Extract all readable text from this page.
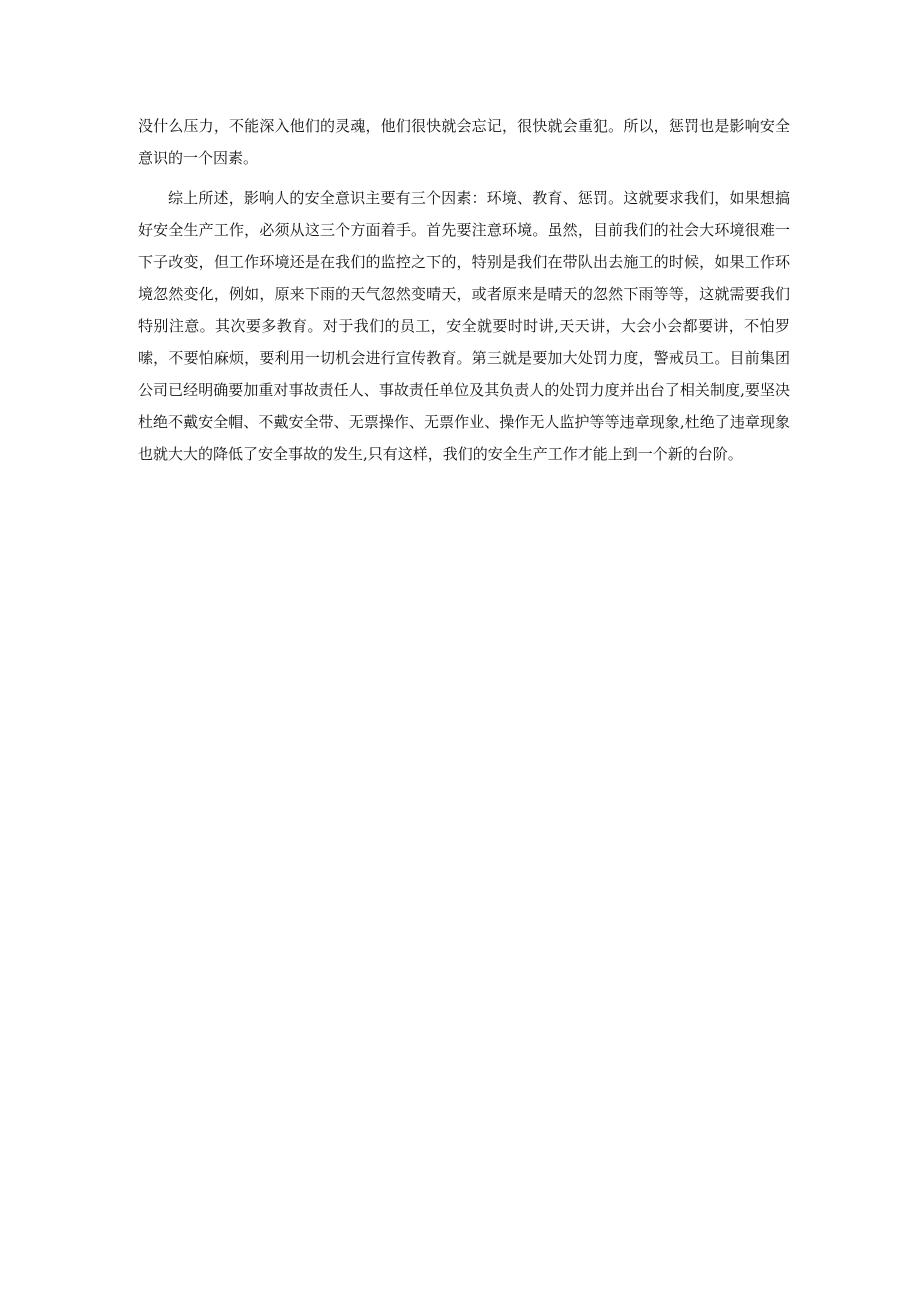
没什么压力，不能深入他们的灵魂，他们很快就会忘记，很快就会重犯。所以，惩罚也是影响安全意识的一个因素。

综上所述，影响人的安全意识主要有三个因素：环境、教育、惩罚。这就要求我们，如果想搞好安全生产工作，必须从这三个方面着手。首先要注意环境。虽然，目前我们的社会大环境很难一下子改变，但工作环境还是在我们的监控之下的，特别是我们在带队出去施工的时候，如果工作环境忽然变化，例如，原来下雨的天气忽然变晴天，或者原来是晴天的忽然下雨等等，这就需要我们特别注意。其次要多教育。对于我们的员工，安全就要时时讲,天天讲，大会小会都要讲，不怕罗嗦，不要怕麻烦，要利用一切机会进行宣传教育。第三就是要加大处罚力度，警戒员工。目前集团公司已经明确要加重对事故责任人、事故责任单位及其负责人的处罚力度并出台了相关制度,要坚决杜绝不戴安全帽、不戴安全带、无票操作、无票作业、操作无人监护等等违章现象,杜绝了违章现象也就大大的降低了安全事故的发生,只有这样，我们的安全生产工作才能上到一个新的台阶。
